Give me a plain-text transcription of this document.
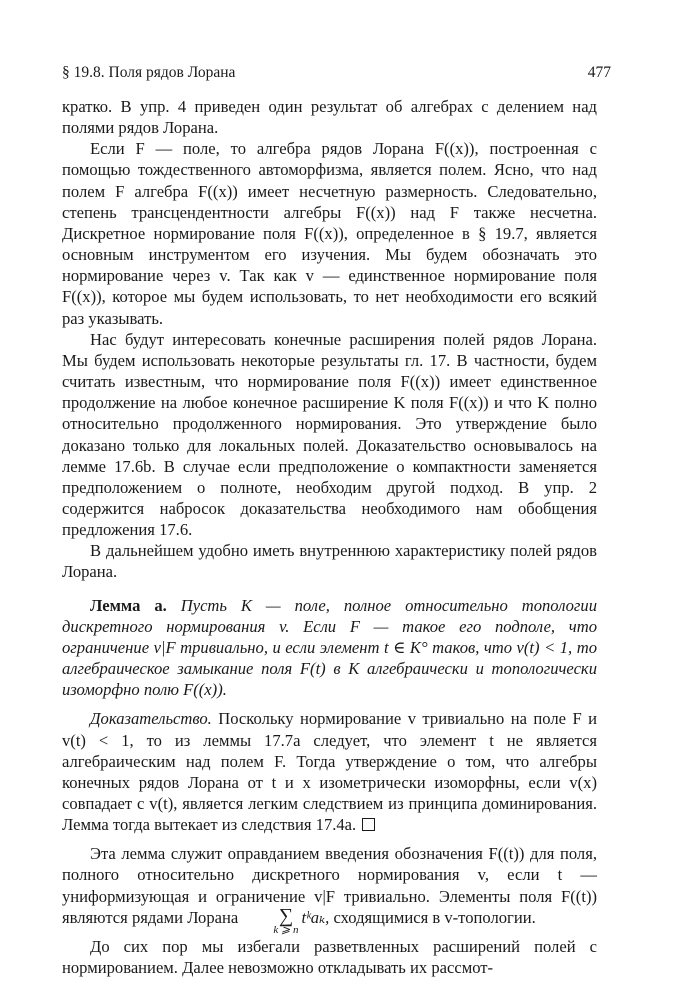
§ 19.8. Поля рядов Лорана	477

кратко. В упр. 4 приведен один результат об алгебрах с делением над полями рядов Лорана.

Если F — поле, то алгебра рядов Лорана F((x)), построенная с помощью тождественного автоморфизма, является полем. Ясно, что над полем F алгебра F((x)) имеет несчетную размерность. Следовательно, степень трансцендентности алгебры F((x)) над F также несчетна. Дискретное нормирование поля F((x)), определенное в § 19.7, является основным инструментом его изучения. Мы будем обозначать это нормирование через v. Так как v — единственное нормирование поля F((x)), которое мы будем использовать, то нет необходимости его всякий раз указывать.

Нас будут интересовать конечные расширения полей рядов Лорана. Мы будем использовать некоторые результаты гл. 17. В частности, будем считать известным, что нормирование поля F((x)) имеет единственное продолжение на любое конечное расширение K поля F((x)) и что K полно относительно продолженного нормирования. Это утверждение было доказано только для локальных полей. Доказательство основывалось на лемме 17.6b. В случае если предположение о компактности заменяется предположением о полноте, необходим другой подход. В упр. 2 содержится набросок доказательства необходимого нам обобщения предложения 17.6.

В дальнейшем удобно иметь внутреннюю характеристику полей рядов Лорана.

Лемма a. Пусть K — поле, полное относительно топологии дискретного нормирования v. Если F — такое его подполе, что ограничение v|F тривиально, и если элемент t ∈ K° таков, что v(t) < 1, то алгебраическое замыкание поля F(t) в K алгебраически и топологически изоморфно полю F((x)).

Доказательство. Поскольку нормирование v тривиально на поле F и v(t) < 1, то из леммы 17.7a следует, что элемент t не является алгебраическим над полем F. Тогда утверждение о том, что алгебры конечных рядов Лорана от t и x изометрически изоморфны, если v(x) совпадает с v(t), является легким следствием из принципа доминирования. Лемма тогда вытекает из следствия 17.4a.

Эта лемма служит оправданием введения обозначения F((t)) для поля, полного относительно дискретного нормирования v, если t — униформизующая и ограничение v|F тривиально. Элементы поля F((t)) являются рядами Лорана	∑
k ⩾ n
tᵏaₖ, сходящимися в v-топологии.

До сих пор мы избегали разветвленных расширений полей с нормированием. Далее невозможно откладывать их рассмот-
